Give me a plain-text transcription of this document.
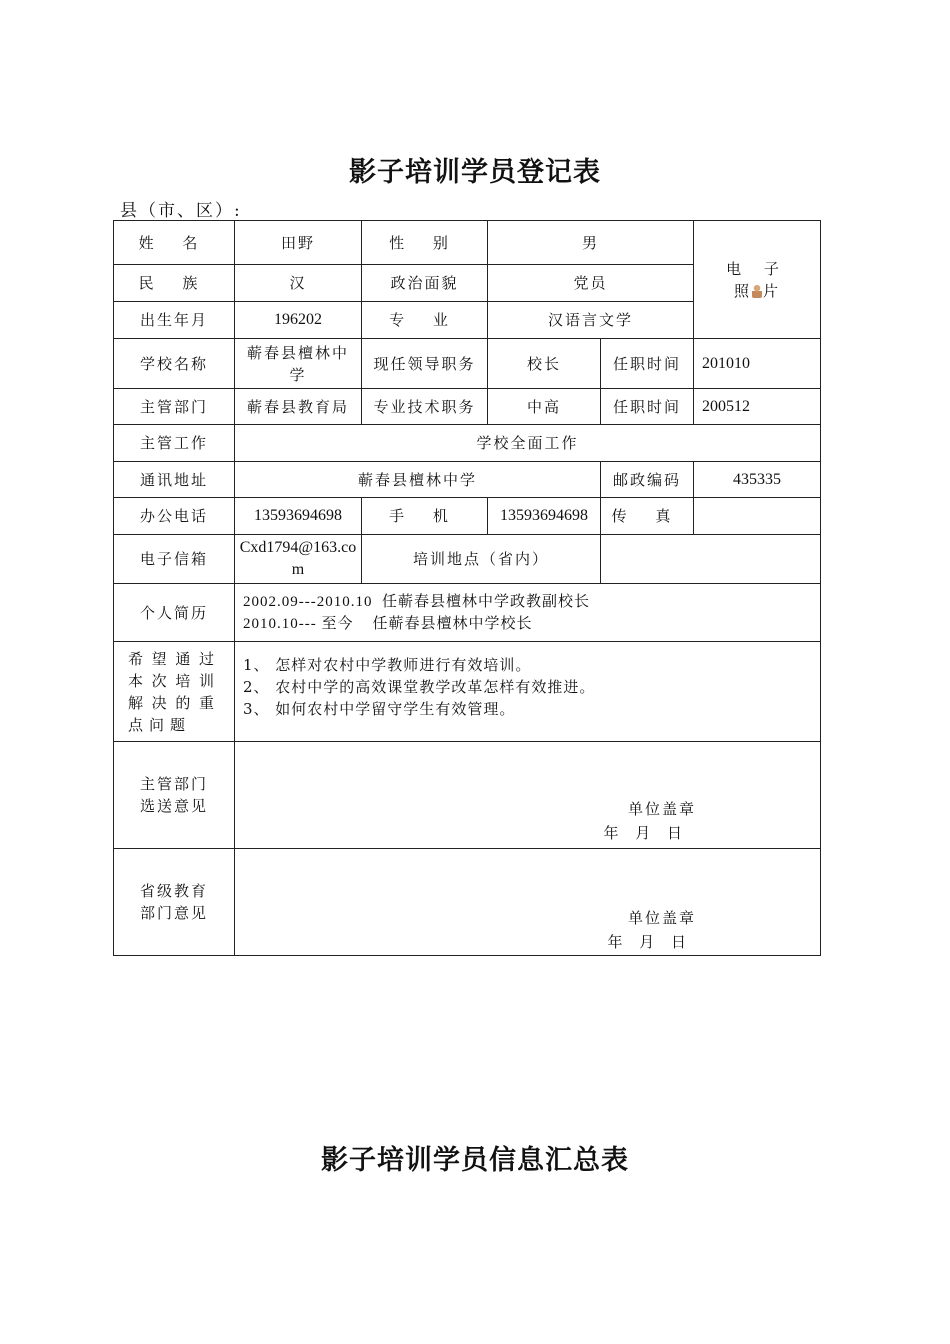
影子培训学员登记表
县（市、区）:
姓 名	田野	性 别	男		电 子
照 片

民 族	汉	政治面貌	党员		
出生年月	196202	专 业	汉语言文学		
学校名称	蕲春县檀林中学	现任领导职务	校长	任职时间	201010
主管部门	蕲春县教育局	专业技术职务	中高	任职时间	200512
主管工作	学校全面工作				
通讯地址	蕲春县檀林中学			邮政编码	435335
办公电话	13593694698	手 机	13593694698	传 真	
电子信箱	Cxd1794@163.com	培训地点（省内）			
个人简历	2002.09---2010.10  任蕲春县檀林中学政教副校长
2010.10--- 至今    任蕲春县檀林中学校长				

希望通过本次培训解决的重点问题	1、 怎样对农村中学教师进行有效培训。
2、 农村中学的高效课堂教学改革怎样有效推进。
3、 如何农村中学留守学生有效管理。				

主管部门
选送意见	单位盖章
年 月 日				

省级教育
部门意见	单位盖章
年 月 日				
影子培训学员信息汇总表
